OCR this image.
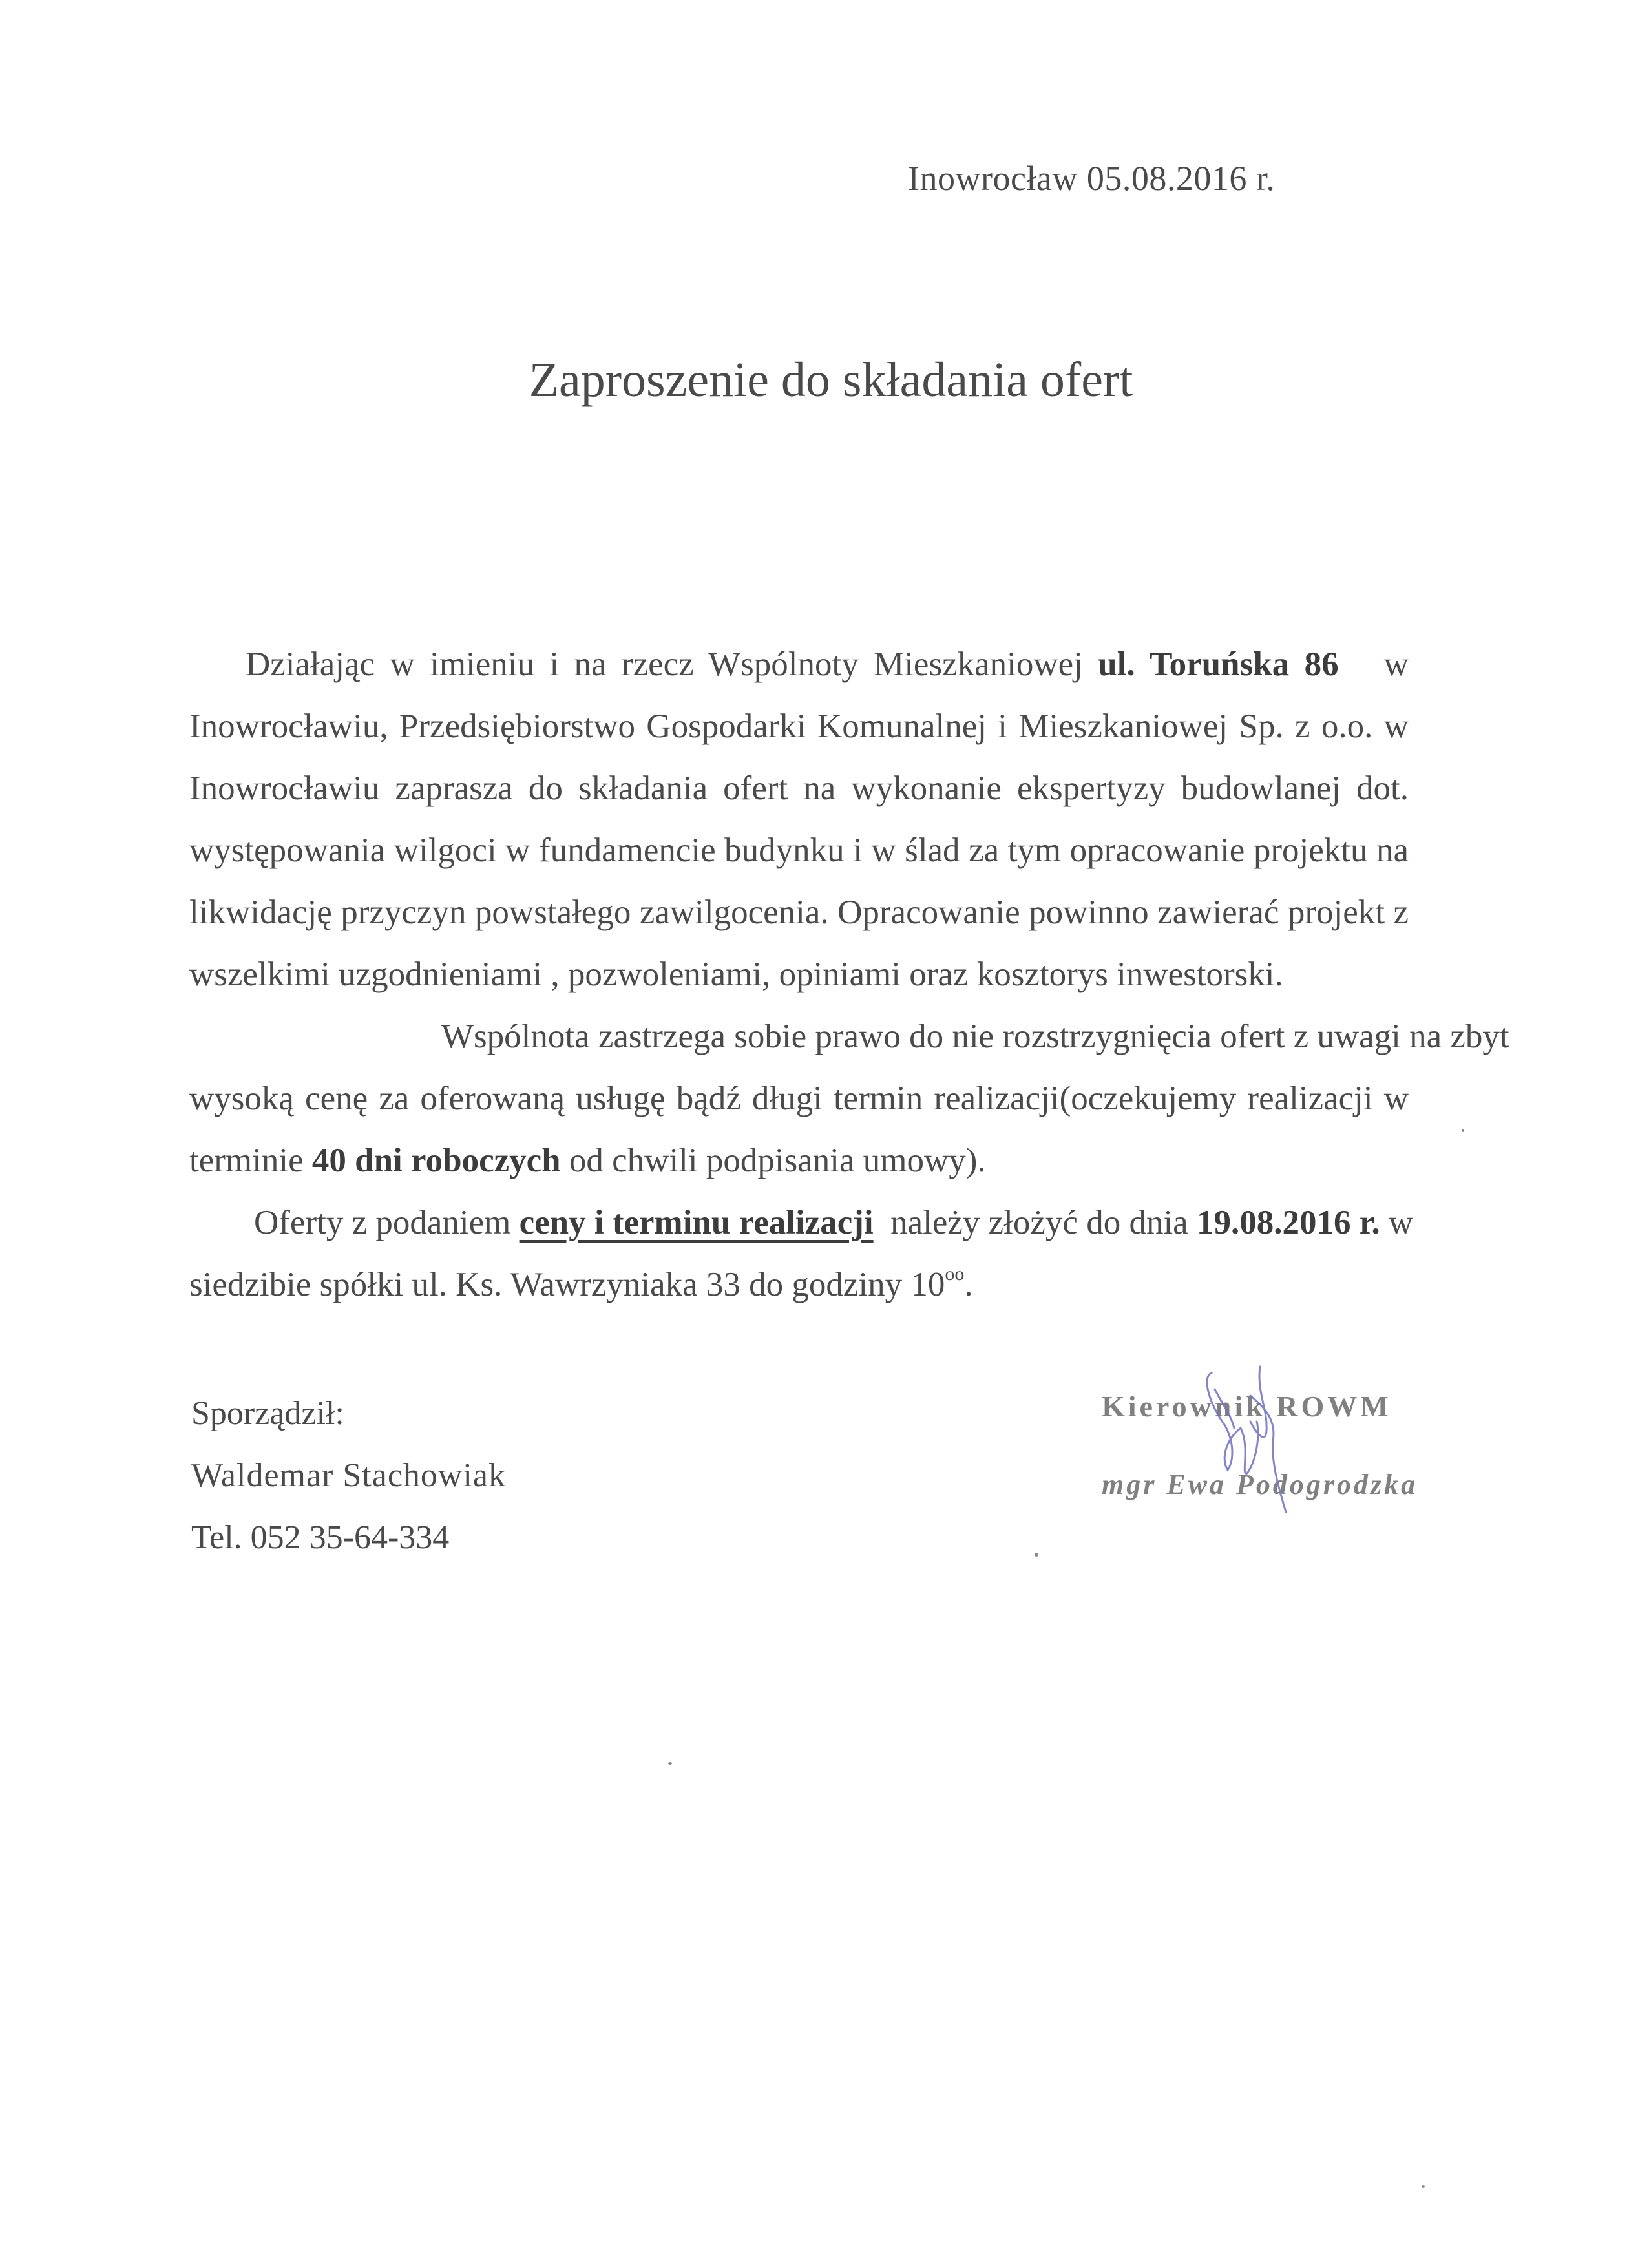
Inowrocław 05.08.2016 r.
Zaproszenie do składania ofert
Działając w imieniu i na rzecz Wspólnoty Mieszkaniowej ul. Toruńska 86 w
Inowrocławiu, Przedsiębiorstwo Gospodarki Komunalnej i Mieszkaniowej Sp. z o.o. w
Inowrocławiu zaprasza do składania ofert na wykonanie ekspertyzy budowlanej dot.
występowania wilgoci w fundamencie budynku i w ślad za tym opracowanie projektu na
likwidację przyczyn powstałego zawilgocenia. Opracowanie powinno zawierać projekt z
wszelkimi uzgodnieniami , pozwoleniami, opiniami oraz kosztorys inwestorski.
Wspólnota zastrzega sobie prawo do nie rozstrzygnięcia ofert z uwagi na zbyt
wysoką cenę za oferowaną usługę bądź długi termin realizacji(oczekujemy realizacji w
terminie 40 dni roboczych od chwili podpisania umowy).
Oferty z podaniem ceny i terminu realizacji należy złożyć do dnia 19.08.2016 r. w
siedzibie spółki ul. Ks. Wawrzyniaka 33 do godziny $10^{oo}$.
Sporządził:
Waldemar Stachowiak
Tel. 052 35-64-334
Kierownik ROWM
mgr Ewa Podogrodzka
